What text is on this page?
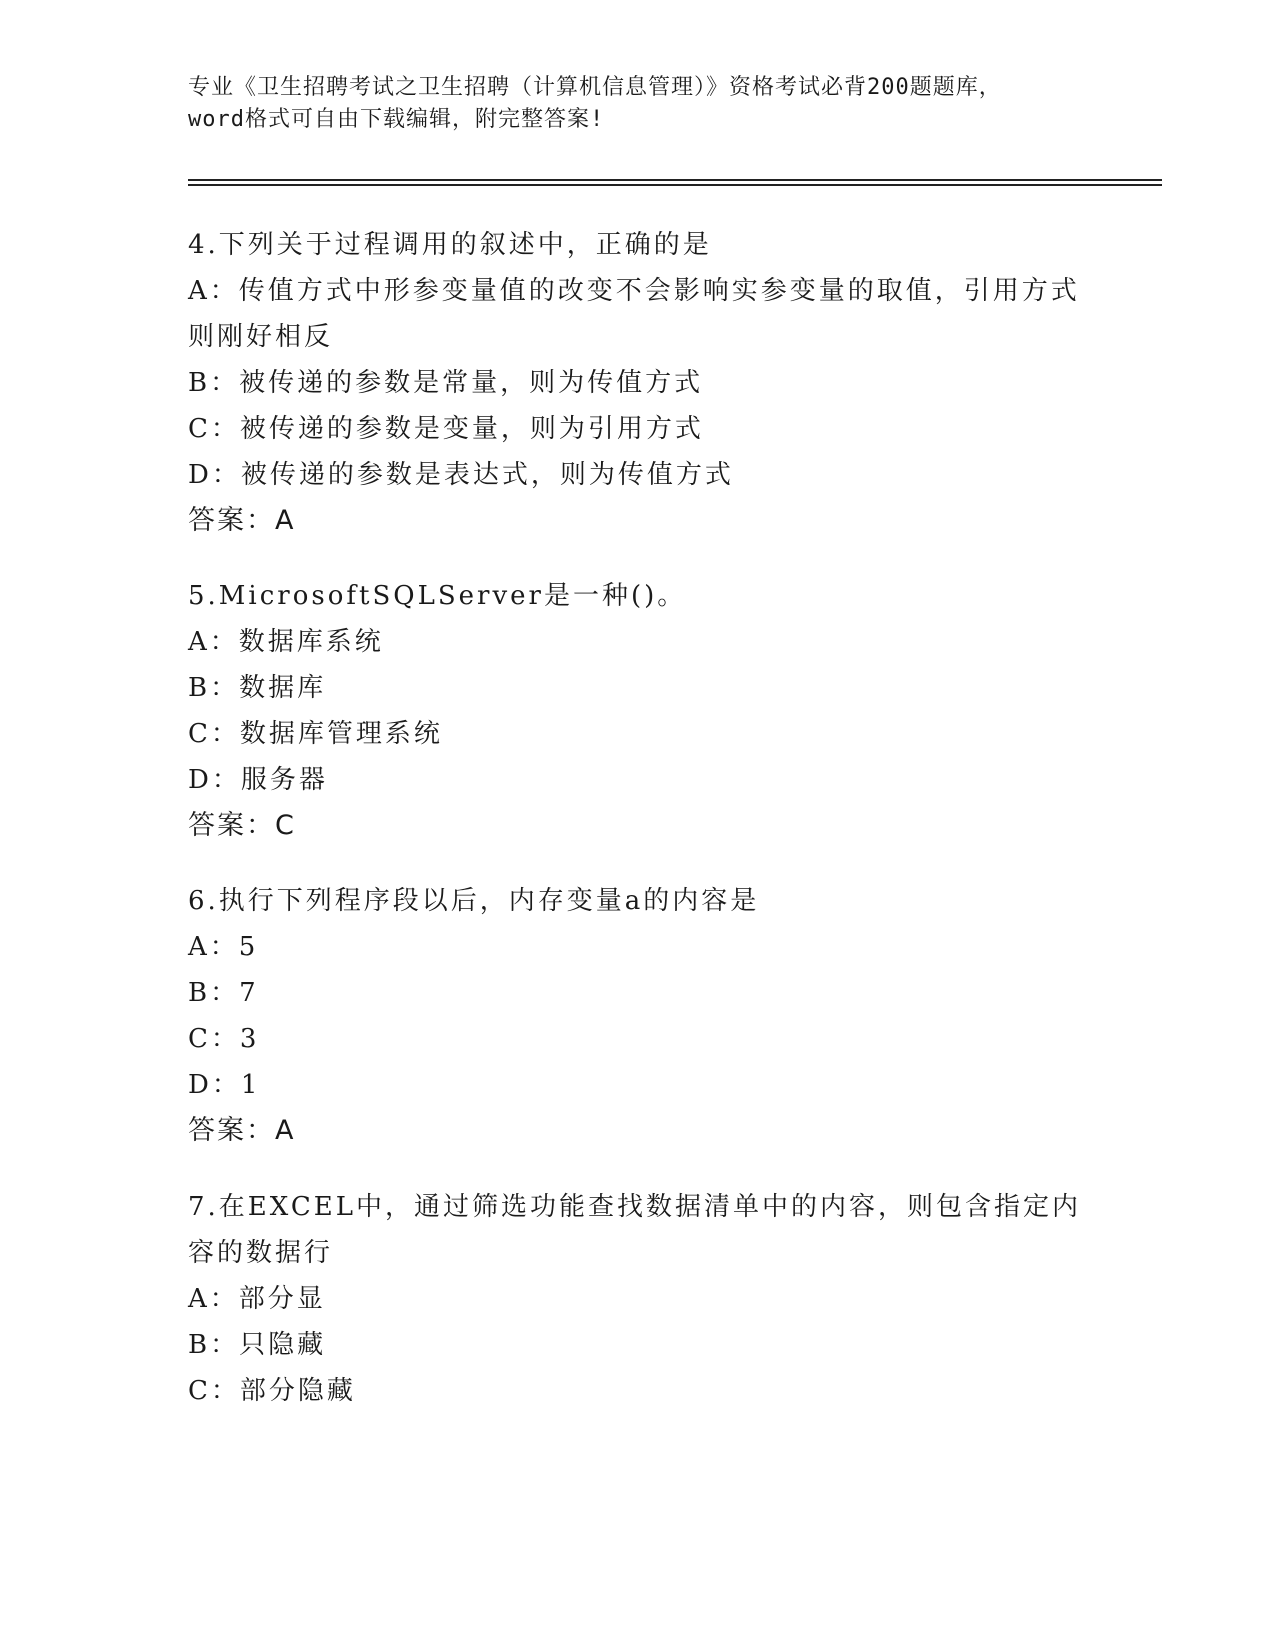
专业《卫生招聘考试之卫生招聘（计算机信息管理）》资格考试必背200题题库，
word格式可自由下载编辑，附完整答案!
4.下列关于过程调用的叙述中，正确的是
A：传值方式中形参变量值的改变不会影响实参变量的取值，引用方式
则刚好相反
B：被传递的参数是常量，则为传值方式
C：被传递的参数是变量，则为引用方式
D：被传递的参数是表达式，则为传值方式
答案：A
5.MicrosoftSQLServer是一种()。
A：数据库系统
B：数据库
C：数据库管理系统
D：服务器
答案：C
6.执行下列程序段以后，内存变量a的内容是
A：5
B：7
C：3
D：1
答案：A
7.在EXCEL中，通过筛选功能查找数据清单中的内容，则包含指定内
容的数据行
A：部分显
B：只隐藏
C：部分隐藏
